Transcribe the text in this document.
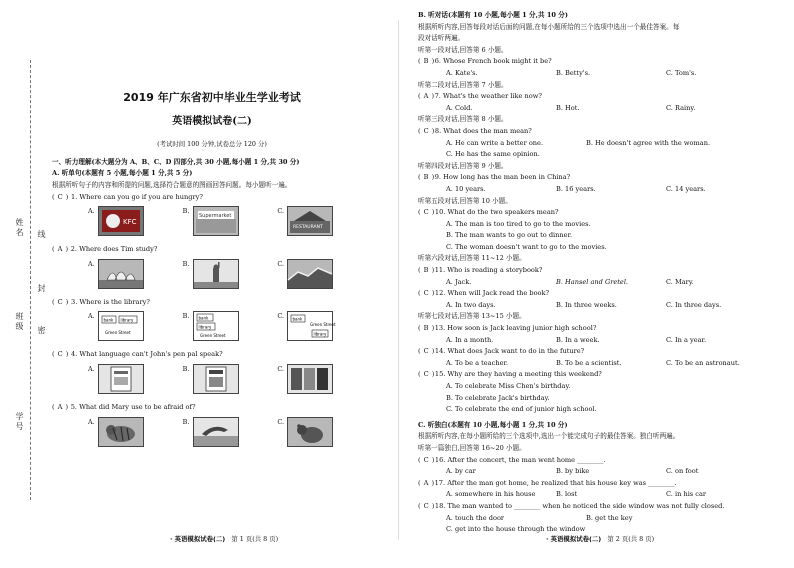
姓名
班级
学号
线
封
密
2019 年广东省初中毕业生学业考试
英语模拟试卷(二)
(考试时间 100 分钟,试卷总分 120 分)
一、听力理解(本大题分为 A、B、C、D 四部分,共 30 小题,每小题 1 分,共 30 分)
A. 听单句(本题有 5 小题,每小题 1 分,共 5 分)
根据所听句子的内容和所提的问题,选择符合题意的图画回答问题。每小题听一遍。
( C ) 1. Where can you go if you are hungry?
A.
KFC
B.
Supermarket
C.
RESTAURANT
( A ) 2. Where does Tim study?
A.	B.	C.
( C ) 3. Where is the library?
A.	bank library
Green Street
B.	bank
library
Green Street
C.	bank
Green Street
library
( C ) 4. What language can't John's pen pal speak?
A.	B.	C.
( A ) 5. What did Mary use to be afraid of?
A.	B.	C.
· 英语模拟试卷(二) 第 1 页(共 8 页)
B. 听对话(本题有 10 小题,每小题 1 分,共 10 分)
根据所听内容,回答每段对话后面的问题,在每小题所给的三个选项中选出一个最佳答案。每
段对话听两遍。
听第一段对话,回答第 6 小题。
( B )6. Whose French book might it be?
A. Kate's.	B. Betty's.	C. Tom's.
听第二段对话,回答第 7 小题。
( A )7. What's the weather like now?
A. Cold.	B. Hot.	C. Rainy.
听第三段对话,回答第 8 小题。
( C )8. What does the man mean?
A. He can write a better one.	B. He doesn't agree with the woman.
C. He has the same opinion.
听第四段对话,回答第 9 小题。
( B )9. How long has the man been in China?
A. 10 years.	B. 16 years.	C. 14 years.
听第五段对话,回答第 10 小题。
( C )10. What do the two speakers mean?
A. The man is too tired to go to the movies.
B. The man wants to go out to dinner.
C. The woman doesn't want to go to the movies.
听第六段对话,回答第 11~12 小题。
( B )11. Who is reading a storybook?
A. Jack.	B. Hansel and Gretel.	C. Mary.
( C )12. When will Jack read the book?
A. In two days.	B. In three weeks.	C. In three days.
听第七段对话,回答第 13~15 小题。
( B )13. How soon is Jack leaving junior high school?
A. In a month.	B. In a week.	C. In a year.
( C )14. What does Jack want to do in the future?
A. To be a teacher.	B. To be a scientist.	C. To be an astronaut.
( C )15. Why are they having a meeting this weekend?
A. To celebrate Miss Chen's birthday.
B. To celebrate Jack's birthday.
C. To celebrate the end of junior high school.
C. 听独白(本题有 10 小题,每小题 1 分,共 10 分)
根据所听内容,在每小题所给的三个选项中,选出一个能完成句子的最佳答案。独白听两遍。
听第一篇独白,回答第 16~20 小题。
( C )16. After the concert, the man went home ________.
A. by car	B. by bike	C. on foot
( A )17. After the man got home, he realized that his house key was ________.
A. somewhere in his house	B. lost	C. in his car
( C )18. The man wanted to ________ when he noticed the side window was not fully closed.
A. touch the door	B. get the key
C. get into the house through the window
· 英语模拟试卷(二) 第 2 页(共 8 页)
